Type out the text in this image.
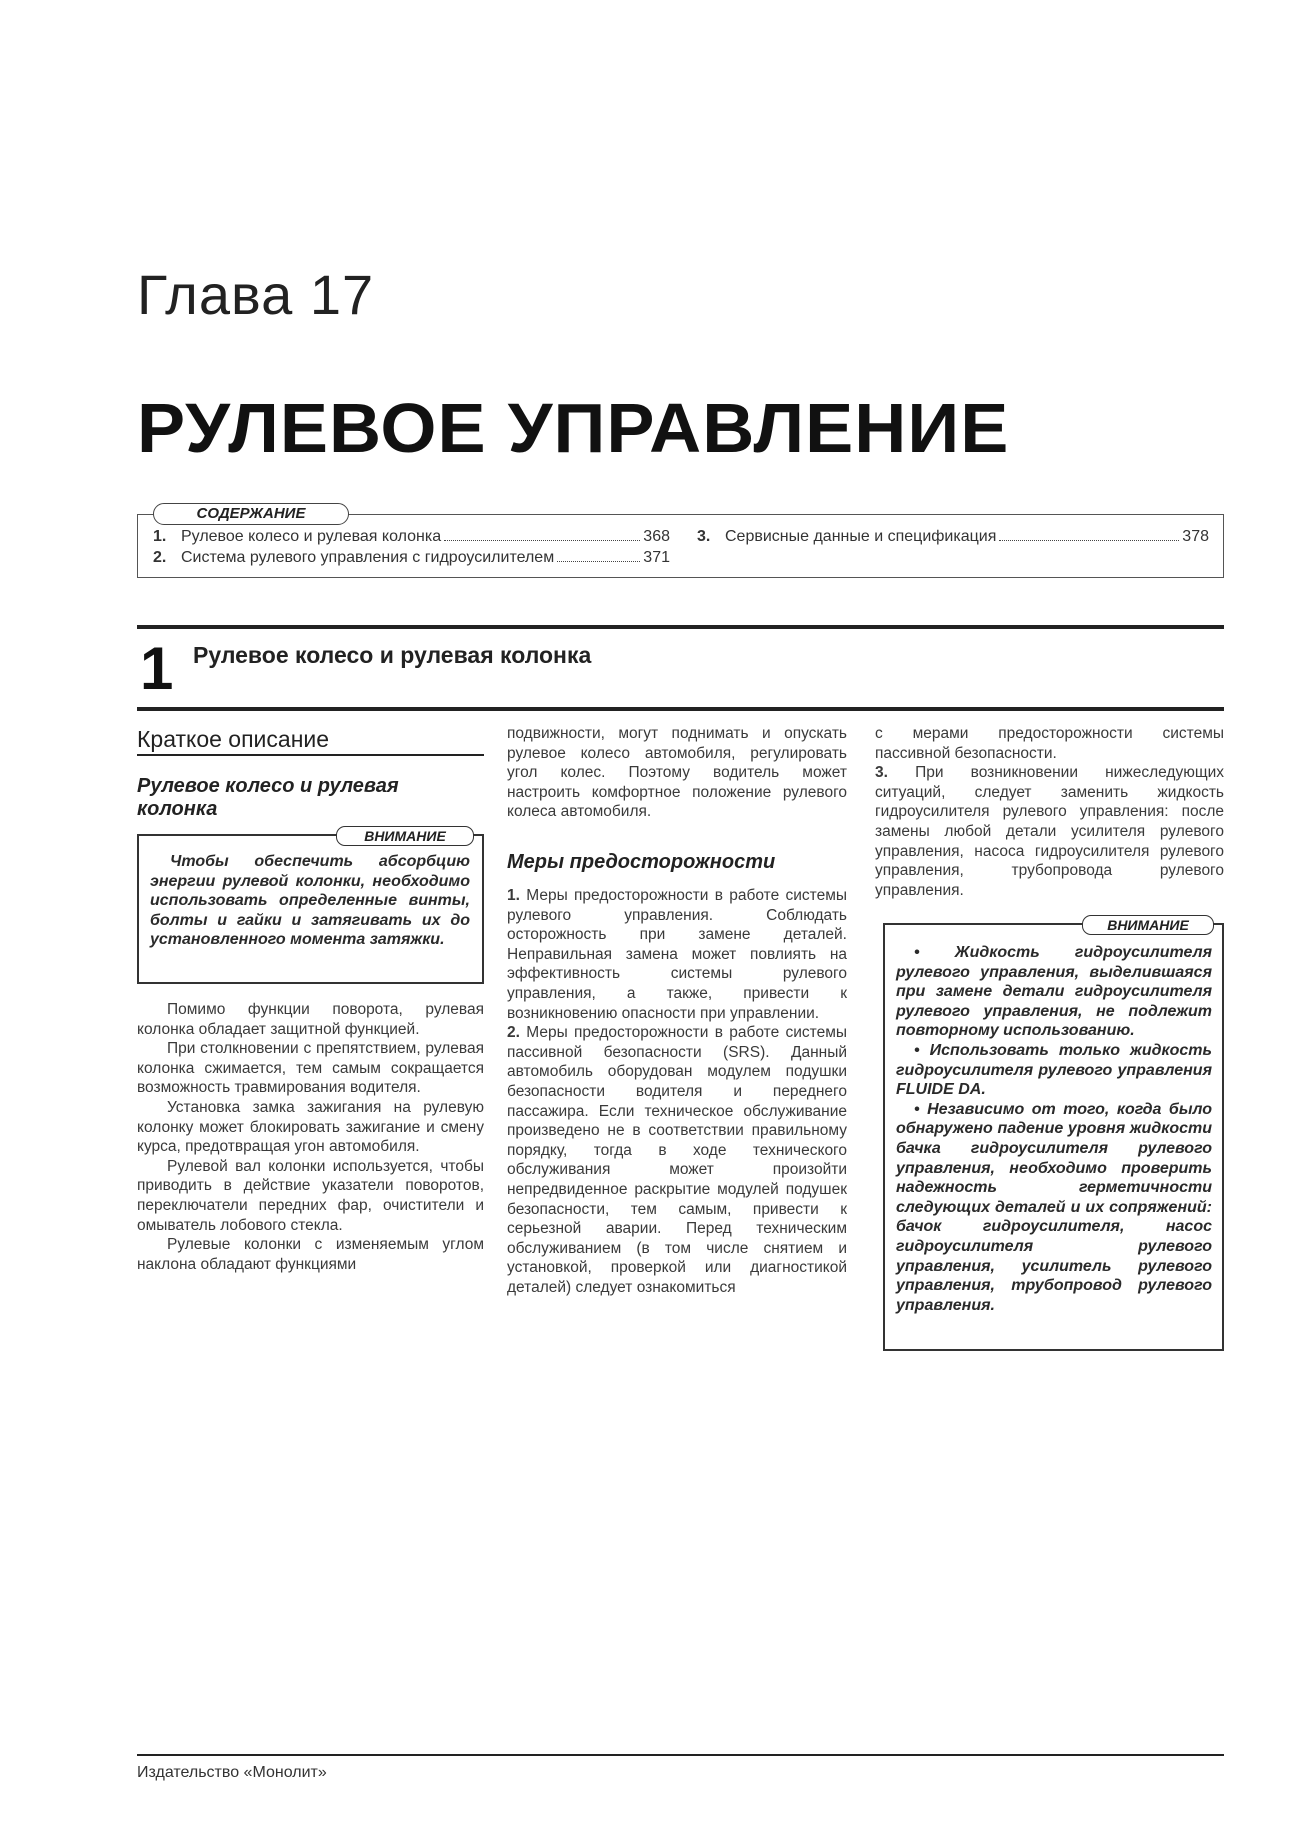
Глава 17
РУЛЕВОЕ УПРАВЛЕНИЕ
СОДЕРЖАНИЕ
1. Рулевое колесо и рулевая колонка	368
2. Система рулевого управления с гидроусилителем	371
3. Сервисные данные и спецификация	378
1 Рулевое колесо и рулевая колонка
Краткое описание
Рулевое колесо и рулевая колонка
ВНИМАНИЕ

Чтобы обеспечить абсорбцию энергии рулевой колонки, необходимо использовать определенные винты, болты и гайки и затягивать их до установленного момента затяжки.

Помимо функции поворота, рулевая колонка обладает защитной функцией.

При столкновении с препятствием, рулевая колонка сжимается, тем самым сокращается возможность травмирования водителя.

Установка замка зажигания на рулевую колонку может блокировать зажигание и смену курса, предотвращая угон автомобиля.

Рулевой вал колонки используется, чтобы приводить в действие указатели поворотов, переключатели передних фар, очистители и омыватель лобового стекла.

Рулевые колонки с изменяемым углом наклона обладают функциями

подвижности, могут поднимать и опускать рулевое колесо автомобиля, регулировать угол колес. Поэтому водитель может настроить комфортное положение рулевого колеса автомобиля.

Меры предосторожности

1. Меры предосторожности в работе системы рулевого управления. Соблюдать осторожность при замене деталей. Неправильная замена может повлиять на эффективность системы рулевого управления, а также, привести к возникновению опасности при управлении.

2. Меры предосторожности в работе системы пассивной безопасности (SRS). Данный автомобиль оборудован модулем подушки безопасности водителя и переднего пассажира. Если техническое обслуживание произведено не в соответствии правильному порядку, тогда в ходе технического обслуживания может произойти непредвиденное раскрытие модулей подушек безопасности, тем самым, привести к серьезной аварии. Перед техническим обслуживанием (в том числе снятием и установкой, проверкой или диагностикой деталей) следует ознакомиться

с мерами предосторожности системы пассивной безопасности.

3. При возникновении нижеследующих ситуаций, следует заменить жидкость гидроусилителя рулевого управления: после замены любой детали усилителя рулевого управления, насоса гидроусилителя рулевого управления, трубопровода рулевого управления.

ВНИМАНИЕ

• Жидкость гидроусилителя рулевого управления, выделившаяся при замене детали гидроусилителя рулевого управления, не подлежит повторному использованию.

• Использовать только жидкость гидроусилителя рулевого управления FLUIDE DA.

• Независимо от того, когда было обнаружено падение уровня жидкости бачка гидроусилителя рулевого управления, необходимо проверить надежность герметичности следующих деталей и их сопряжений: бачок гидроусилителя, насос гидроусилителя рулевого управления, усилитель рулевого управления, трубопровод рулевого управления.

Издательство «Монолит»
